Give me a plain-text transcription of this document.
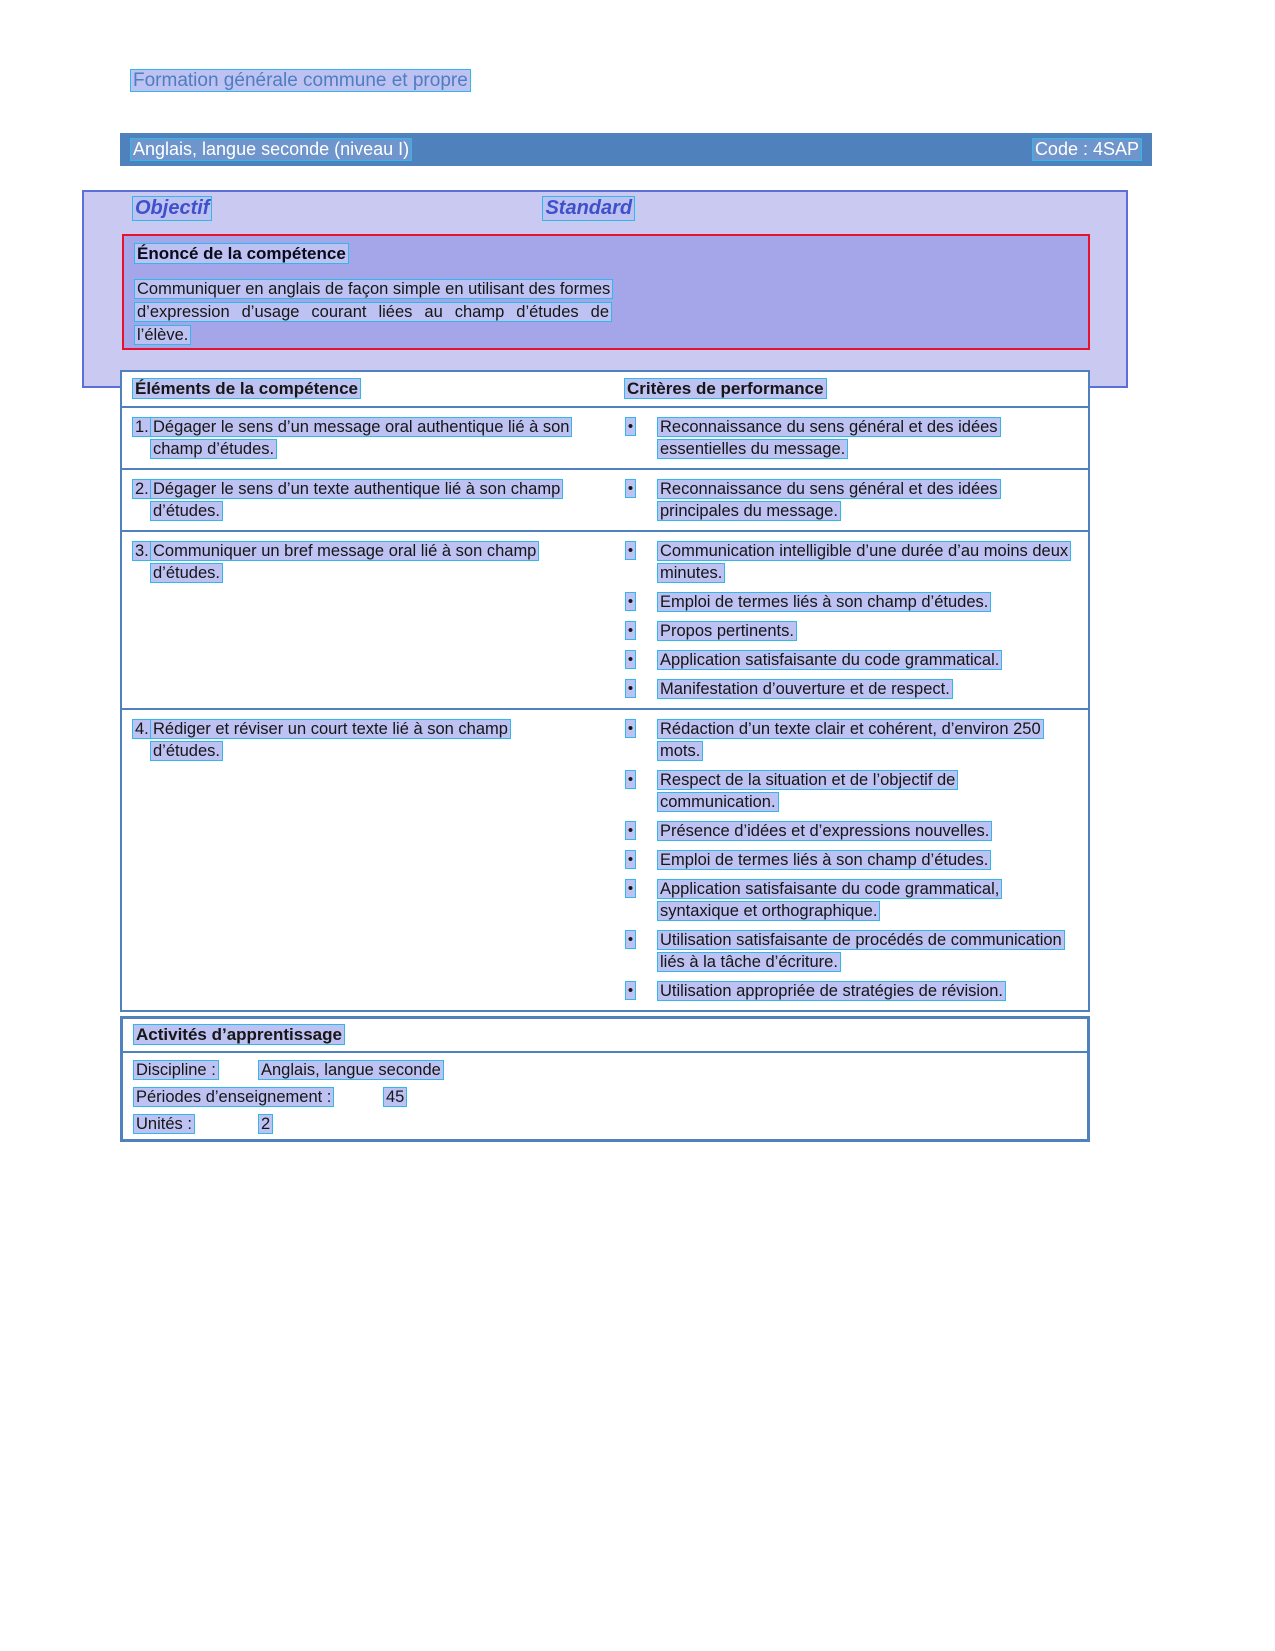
Formation générale commune et propre
Anglais, langue seconde (niveau I)	Code : 4SAP
Objectif	Standard
Énoncé de la compétence
Communiquer en anglais de façon simple en utilisant des formes d’expression d’usage courant liées au champ d’études de l’élève.
Éléments de la compétence	Critères de performance
1. Dégager le sens d’un message oral authentique lié à son champ d’études.
• Reconnaissance du sens général et des idées essentielles du message.
2. Dégager le sens d’un texte authentique lié à son champ d’études.
• Reconnaissance du sens général et des idées principales du message.
3. Communiquer un bref message oral lié à son champ d’études.
• Communication intelligible d’une durée d’au moins deux minutes.
• Emploi de termes liés à son champ d’études.
• Propos pertinents.
• Application satisfaisante du code grammatical.
• Manifestation d’ouverture et de respect.
4. Rédiger et réviser un court texte lié à son champ d’études.
• Rédaction d’un texte clair et cohérent, d’environ 250 mots.
• Respect de la situation et de l’objectif de communication.
• Présence d’idées et d’expressions nouvelles.
• Emploi de termes liés à son champ d’études.
• Application satisfaisante du code grammatical, syntaxique et orthographique.
• Utilisation satisfaisante de procédés de communication liés à la tâche d’écriture.
• Utilisation appropriée de stratégies de révision.
Activités d’apprentissage
Discipline :	Anglais, langue seconde
Périodes d’enseignement :	45
Unités :	2
